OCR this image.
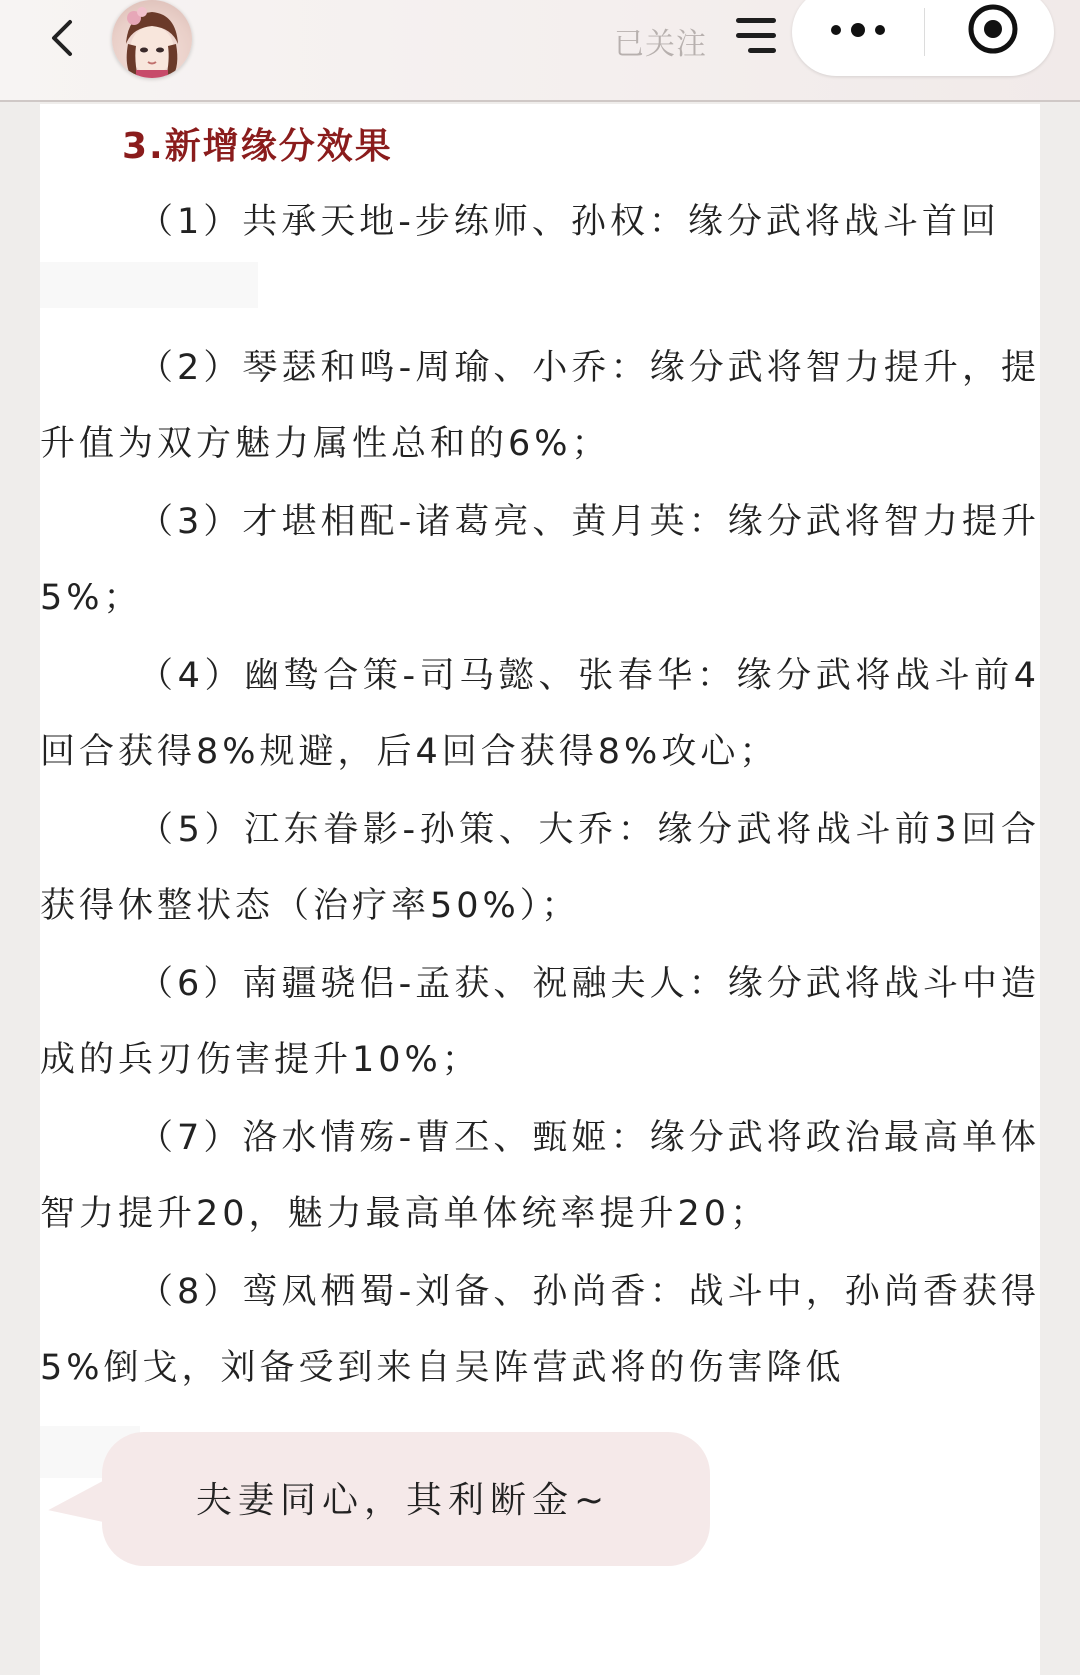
已关注
3.新增缘分效果

（1）共承天地-步练师、孙权：缘分武将战斗首回

（2）琴瑟和鸣-周瑜、小乔：缘分武将智力提升，提升值为双方魅力属性总和的6%；

（3）才堪相配-诸葛亮、黄月英：缘分武将智力提升5%；

（4）幽鸷合策-司马懿、张春华：缘分武将战斗前4回合获得8%规避，后4回合获得8%攻心；

（5）江东眷影-孙策、大乔：缘分武将战斗前3回合获得休整状态（治疗率50%）；

（6）南疆骁侣-孟获、祝融夫人：缘分武将战斗中造成的兵刃伤害提升10%；

（7）洛水情殇-曹丕、甄姬：缘分武将政治最高单体智力提升20，魅力最高单体统率提升20；

（8）鸾凤栖蜀-刘备、孙尚香：战斗中，孙尚香获得5%倒戈，刘备受到来自吴阵营武将的伤害降低

夫妻同心，其利断金~
